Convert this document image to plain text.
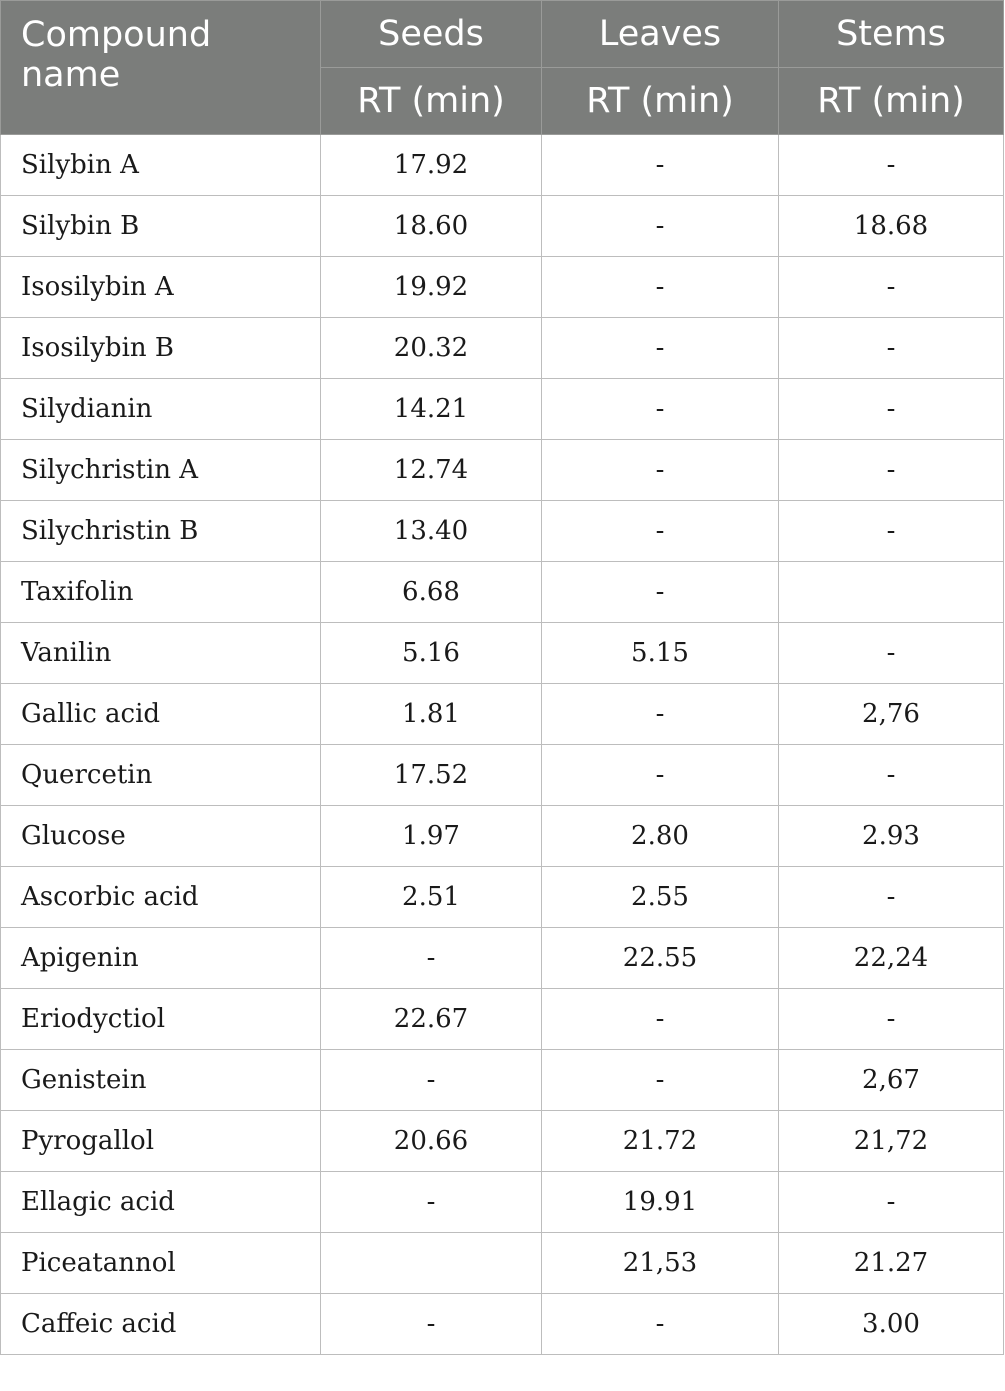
Compound name	Seeds	Leaves	Stems
	RT (min)	RT (min)	RT (min)
Silybin A	17.92	-	-
Silybin B	18.60	-	18.68
Isosilybin A	19.92	-	-
Isosilybin B	20.32	-	-
Silydianin	14.21	-	-
Silychristin A	12.74	-	-
Silychristin B	13.40	-	-
Taxifolin	6.68	-	
Vanilin	5.16	5.15	-
Gallic acid	1.81	-	2,76
Quercetin	17.52	-	-
Glucose	1.97	2.80	2.93
Ascorbic acid	2.51	2.55	-
Apigenin	-	22.55	22,24
Eriodyctiol	22.67	-	-
Genistein	-	-	2,67
Pyrogallol	20.66	21.72	21,72
Ellagic acid	-	19.91	-
Piceatannol		21,53	21.27
Caffeic acid	-	-	3.00
